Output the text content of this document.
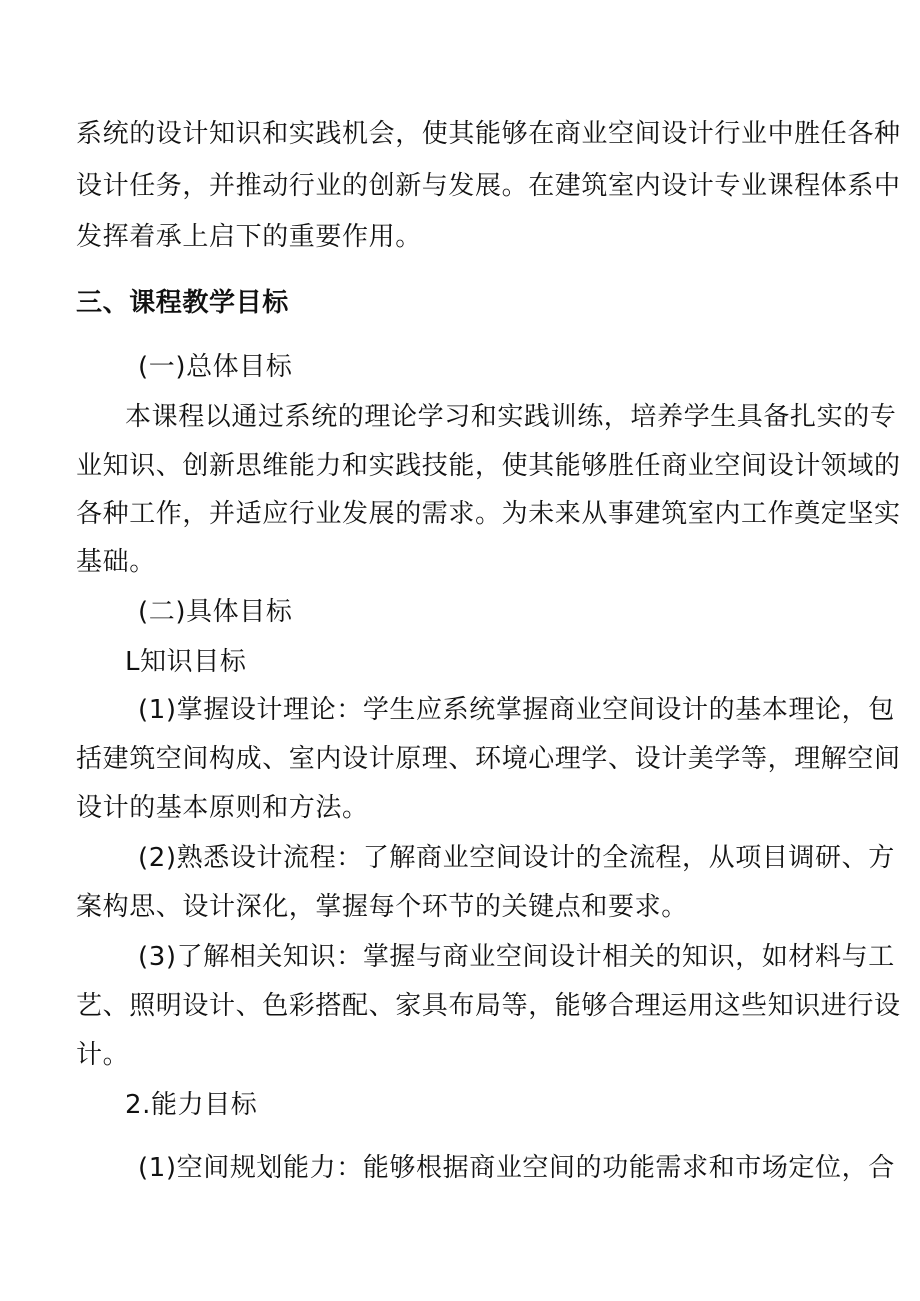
系统的设计知识和实践机会，使其能够在商业空间设计行业中胜任各种
设计任务，并推动行业的创新与发展。在建筑室内设计专业课程体系中
发挥着承上启下的重要作用。
三、课程教学目标
(一)总体目标
本课程以通过系统的理论学习和实践训练，培养学生具备扎实的专
业知识、创新思维能力和实践技能，使其能够胜任商业空间设计领域的
各种工作，并适应行业发展的需求。为未来从事建筑室内工作奠定坚实
基础。
(二)具体目标
L知识目标
(1)掌握设计理论：学生应系统掌握商业空间设计的基本理论，包
括建筑空间构成、室内设计原理、环境心理学、设计美学等，理解空间
设计的基本原则和方法。
(2)熟悉设计流程：了解商业空间设计的全流程，从项目调研、方
案构思、设计深化，掌握每个环节的关键点和要求。
(3)了解相关知识：掌握与商业空间设计相关的知识，如材料与工
艺、照明设计、色彩搭配、家具布局等，能够合理运用这些知识进行设
计。
2.能力目标
(1)空间规划能力：能够根据商业空间的功能需求和市场定位，合
